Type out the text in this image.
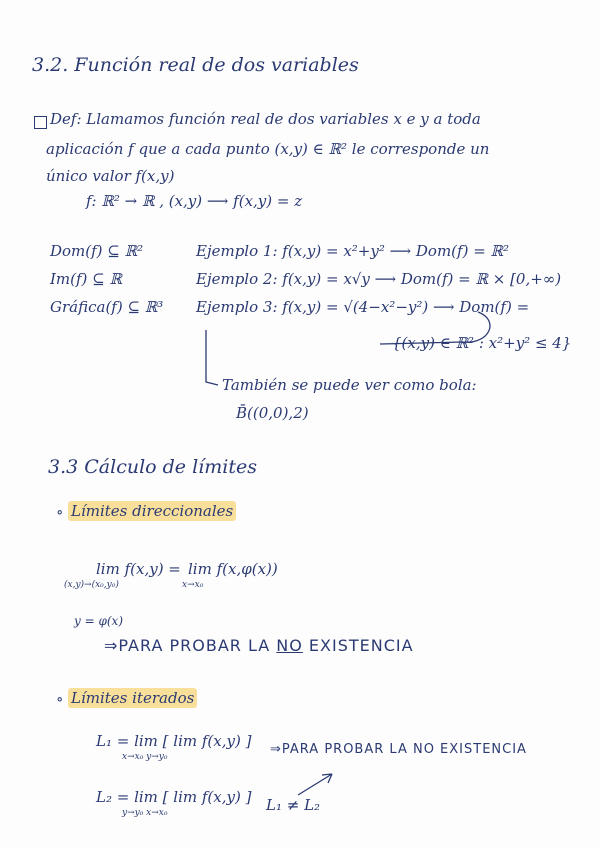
3.2. Función real de dos variables
Def: Llamamos función real de dos variables x e y a toda
aplicación f que a cada punto (x,y) ∈ ℝ² le corresponde un
único valor f(x,y)
f: ℝ² → ℝ , (x,y) ⟶ f(x,y) = z
Dom(f) ⊆ ℝ²
Im(f) ⊆ ℝ
Gráfica(f) ⊆ ℝ³
Ejemplo 1: f(x,y) = x²+y² ⟶ Dom(f) = ℝ²
Ejemplo 2: f(x,y) = x√y ⟶ Dom(f) = ℝ × [0,+∞)
Ejemplo 3: f(x,y) = √(4−x²−y²) ⟶ Dom(f) =
{(x,y) ∈ ℝ² : x²+y² ≤ 4}
También se puede ver como bola:
B̄((0,0),2)
3.3 Cálculo de límites
∘ Límites direccionales
lim f(x,y) =
(x,y)→(x₀,y₀)
lim f(x,φ(x))
x→x₀
y = φ(x)
⇒PARA PROBAR LA NO EXISTENCIA
∘ Límites iterados
L₁ = lim [ lim f(x,y) ]
x→x₀ y→y₀	⇒PARA PROBAR LA NO EXISTENCIA
L₂ = lim [ lim f(x,y) ]
y→y₀ x→x₀	L₁ ≠ L₂
